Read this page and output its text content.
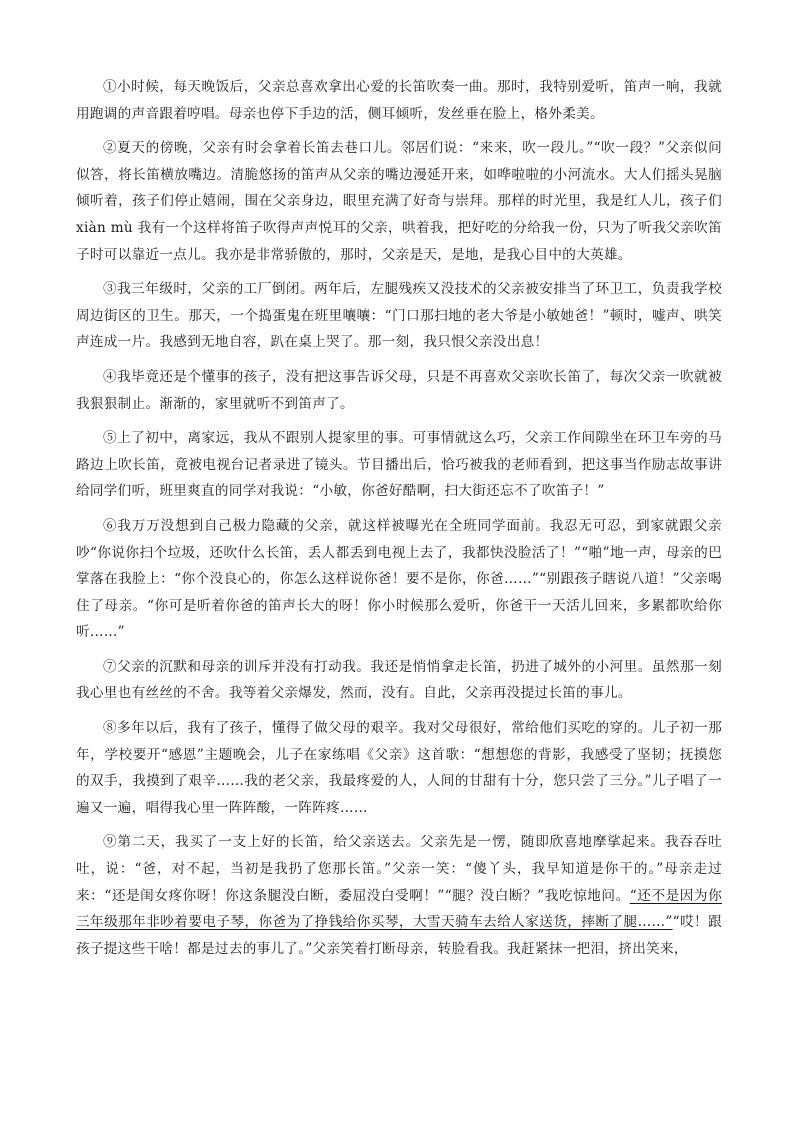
①小时候，每天晚饭后，父亲总喜欢拿出心爱的长笛吹奏一曲。那时，我特别爱听，笛声一响，我就用跑调的声音跟着哼唱。母亲也停下手边的活，侧耳倾听，发丝垂在脸上，格外柔美。

②夏天的傍晚，父亲有时会拿着长笛去巷口儿。邻居们说：“来来，吹一段儿。”“吹一段？”父亲似问似答，将长笛横放嘴边。清脆悠扬的笛声从父亲的嘴边漫延开来，如哗啦啦的小河流水。大人们摇头晃脑倾听着，孩子们停止嬉闹，围在父亲身边，眼里充满了好奇与崇拜。那样的时光里，我是红人儿，孩子们 xiàn mù 我有一个这样将笛子吹得声声悦耳的父亲，哄着我，把好吃的分给我一份，只为了听我父亲吹笛子时可以靠近一点儿。我亦是非常骄傲的，那时，父亲是天，是地，是我心目中的大英雄。

③我三年级时，父亲的工厂倒闭。两年后，左腿残疾又没技术的父亲被安排当了环卫工，负责我学校周边街区的卫生。那天，一个捣蛋鬼在班里嚷嚷：“门口那扫地的老大爷是小敏她爸！”顿时，嘘声、哄笑声连成一片。我感到无地自容，趴在桌上哭了。那一刻，我只恨父亲没出息！

④我毕竟还是个懂事的孩子，没有把这事告诉父母，只是不再喜欢父亲吹长笛了，每次父亲一吹就被我狠狠制止。渐渐的，家里就听不到笛声了。

⑤上了初中，离家远，我从不跟别人提家里的事。可事情就这么巧，父亲工作间隙坐在环卫车旁的马路边上吹长笛，竟被电视台记者录进了镜头。节目播出后，恰巧被我的老师看到，把这事当作励志故事讲给同学们听，班里爽直的同学对我说：“小敏，你爸好酷啊，扫大街还忘不了吹笛子！”

⑥我万万没想到自己极力隐藏的父亲，就这样被曝光在全班同学面前。我忍无可忍，到家就跟父亲吵“你说你扫个垃圾，还吹什么长笛，丢人都丢到电视上去了，我都快没脸活了！”“啪”地一声，母亲的巴掌落在我脸上：“你个没良心的，你怎么这样说你爸！要不是你，你爸……”“别跟孩子瞎说八道！”父亲喝住了母亲。“你可是听着你爸的笛声长大的呀！你小时候那么爱听，你爸干一天活儿回来，多累都吹给你听……”

⑦父亲的沉默和母亲的训斥并没有打动我。我还是悄悄拿走长笛，扔进了城外的小河里。虽然那一刻我心里也有丝丝的不舍。我等着父亲爆发，然而，没有。自此，父亲再没提过长笛的事儿。

⑧多年以后，我有了孩子，懂得了做父母的艰辛。我对父母很好，常给他们买吃的穿的。儿子初一那年，学校要开“感恩”主题晚会，儿子在家练唱《父亲》这首歌：“想想您的背影，我感受了坚韧；抚摸您的双手，我摸到了艰辛……我的老父亲，我最疼爱的人，人间的甘甜有十分，您只尝了三分。”儿子唱了一遍又一遍，唱得我心里一阵阵酸，一阵阵疼……

⑨第二天，我买了一支上好的长笛，给父亲送去。父亲先是一愣，随即欣喜地摩挲起来。我吞吞吐吐，说：“爸，对不起，当初是我扔了您那长笛。”父亲一笑：“傻丫头，我早知道是你干的。”母亲走过来：“还是闺女疼你呀！你这条腿没白断，委屈没白受啊！”“腿？没白断？”我吃惊地问。“还不是因为你三年级那年非吵着要电子琴，你爸为了挣钱给你买琴，大雪天骑车去给人家送货，摔断了腿……”“哎！跟孩子提这些干啥！都是过去的事儿了。”父亲笑着打断母亲，转脸看我。我赶紧抹一把泪，挤出笑来，
